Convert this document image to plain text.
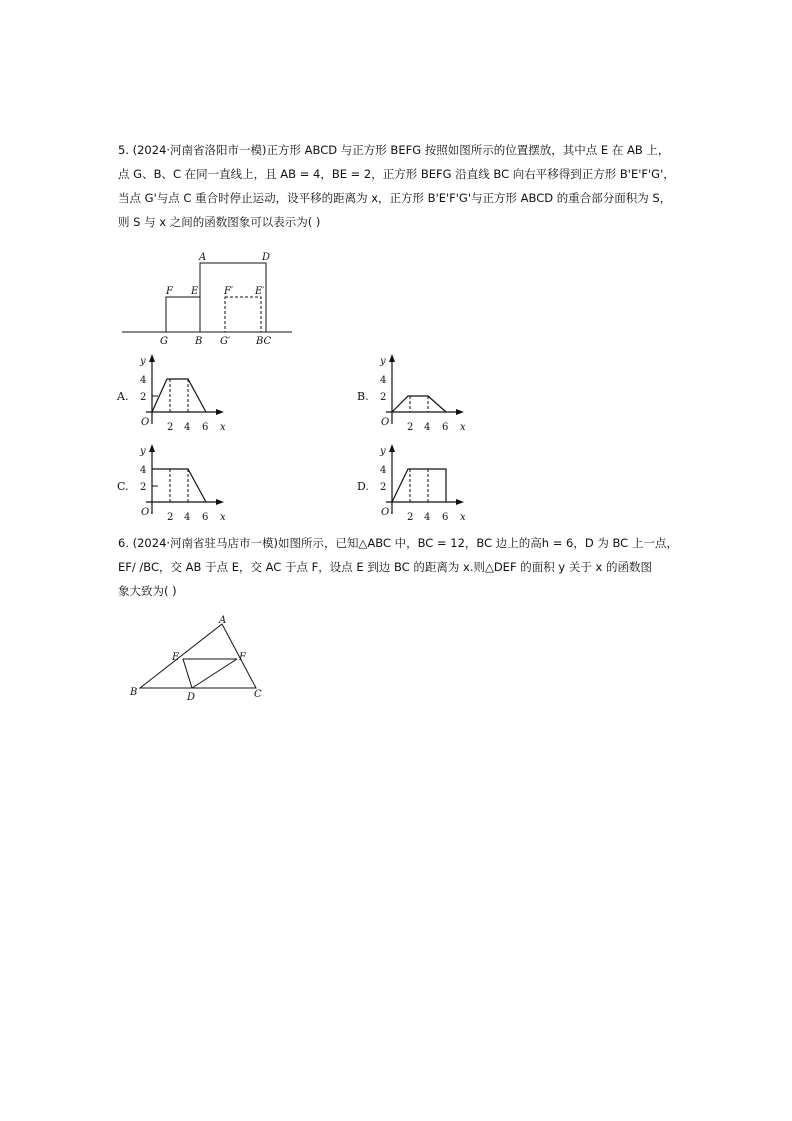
5. (2024·河南省洛阳市一模)正方形 ABCD 与正方形 BEFG 按照如图所示的位置摆放，其中点 E 在 AB 上，
点 G、B、C 在同一直线上，且 AB = 4，BE = 2，正方形 BEFG 沿直线 BC 向右平移得到正方形 B'E'F'G'，
当点 G'与点 C 重合时停止运动，设平移的距离为 x，正方形 B'E'F'G'与正方形 ABCD 的重合部分面积为 S，
则 S 与 x 之间的函数图象可以表示为( )
A	D
F E	F′ E′
G	B G′	BC
A.
y
x
O
4
2
2 4 6
B.
y
x
O
4
2
2 4 6
C.
y
x
O
4
2
2 4 6
D.
y
x
O
4
2
2 4 6
6. (2024·河南省驻马店市一模)如图所示，已知△ABC 中，BC = 12，BC 边上的高h = 6，D 为 BC 上一点，
EF/ /BC，交 AB 于点 E，交 AC 于点 F，设点 E 到边 BC 的距离为 x.则△DEF 的面积 y 关于 x 的函数图
象大致为( )
A
E	F
B	D	C
